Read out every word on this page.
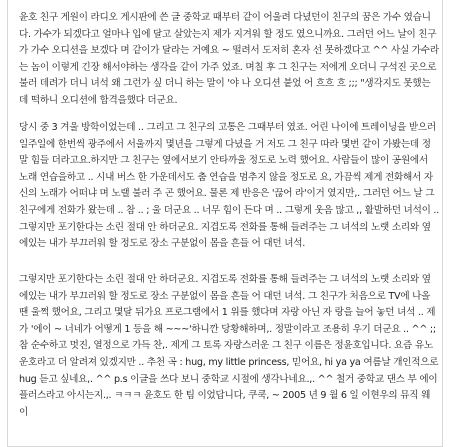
윤호 친구 게원이 라디오 게시판에 쓴 글 중학교 때부터 같이 어울려 다녔던이 친구의 꿈은 가수 였습니다. 가수가 되겠다고 얼마나 입에 달고 살았는지 제가 지겨워 할 정도 였으니까요. 그러던 어느 날이 친구가 가수 오디션을 보겠다 며 같이가 달라는 거예요 ~ 떨려서 도저히 혼자 선 못하겠다고 ^^ 사실 가수라는 놈이 이렇게 긴장 해서야하는 생각을 같이 가주 었죠. 며칠 후 그 친구는 저에게 오더니 구석진 곳으로 불러 데려가 더니 녀석 왜 그런가 싶 더니 하는 말이 '야 나 오디션 붙었 어 흐흐 흐 ;;; "생각지도 못했는데 떡하니 오디션에 합격을했다 더군요.

당시 중 3 겨울 방학이었는데 .. 그리고 그 친구의 고통은 그때부터 였죠. 어린 나이에 트레이닝을 받으러 일주일에 한번씩 광주에서 서울까지 몇년을 그렇게 다녔을 거 저도 그 친구 따라 몇번 같이 가봤는데 정말 힘들 더라고요.하지만 그 친구는 옆에서보기 안타까울 정도로 노력 했어요. 사람들이 많이 공원에서 노래 연습을하고 .. 시내 버스 한 가운데서도 춤 연습을 멈추지 않을 정도로 요, 가끔씩 제게 전화해서 자신의 노래가 어떠냐 며 노랠 불러 주 곤 했어요. 물론 제 반응은 '끊어 라'이거 였지만,. 그러던 어느 날 그 친구에게 전화가 왔는데 .. 참 .. ; 울 더군요 .. 너무 힘이 든다 며 .. 그렇게 웃음 많고 ,, 활발하던 녀석이 .. 그렇지만 포기한다는 소린 절대 안 하더군요. 지겹도록 전화를 통해 들려주는 그 녀석의 노랫 소리와 옆에있는 내가 부끄러워 할 정도로 장소 구분없이 몸을 흔들 어 대던 녀석.

그렇지만 포기한다는 소린 절대 안 하더군요. 지겹도록 전화를 통해 들려주는 그 녀석의 노랫 소리와 옆에있는 내가 부끄러워 할 정도로 장소 구분없이 몸을 흔들 어 대던 녀석. 그 친구가 처음으로 TV에 나올 땐 울쩍 했어요, 그리고 몇달 뒤가요 프로그램에서 1 위를 했다며 자랑 아닌 자 랑을 늘어 놓던 녀석 .. 제가 '에이 ~ 너네가 어떻게 1 등을 해 ~~~'하니깐 당황해하며,. 정말이라고 조용히 우기 더군요 .. ^^ ;; 참 순수하고 멋진, 열정으로 가득 찬,. 제게 그 토록 자랑스러운 그 친구 이름은 정윤호입니다. 요즘 유노운호라고 더 알려져 있겠지만 .. 추천 곡 : hug, my little princess, 믿어요, hi ya ya 여름날 개인적으로 hug 듣고 싶네요,. ^^ p.s 이글을 쓰다 보니 중학교 시절에 생각나네요.,. ^^ 철거 중학교 댄스 부 에이 플러스라고 아시는지.,. ㅋㅋㅋ 윤호도 한 팀 이었답니다, 쿠쿡, ~ 2005 년 9 월 6 일 이현우의 뮤직 웨이
